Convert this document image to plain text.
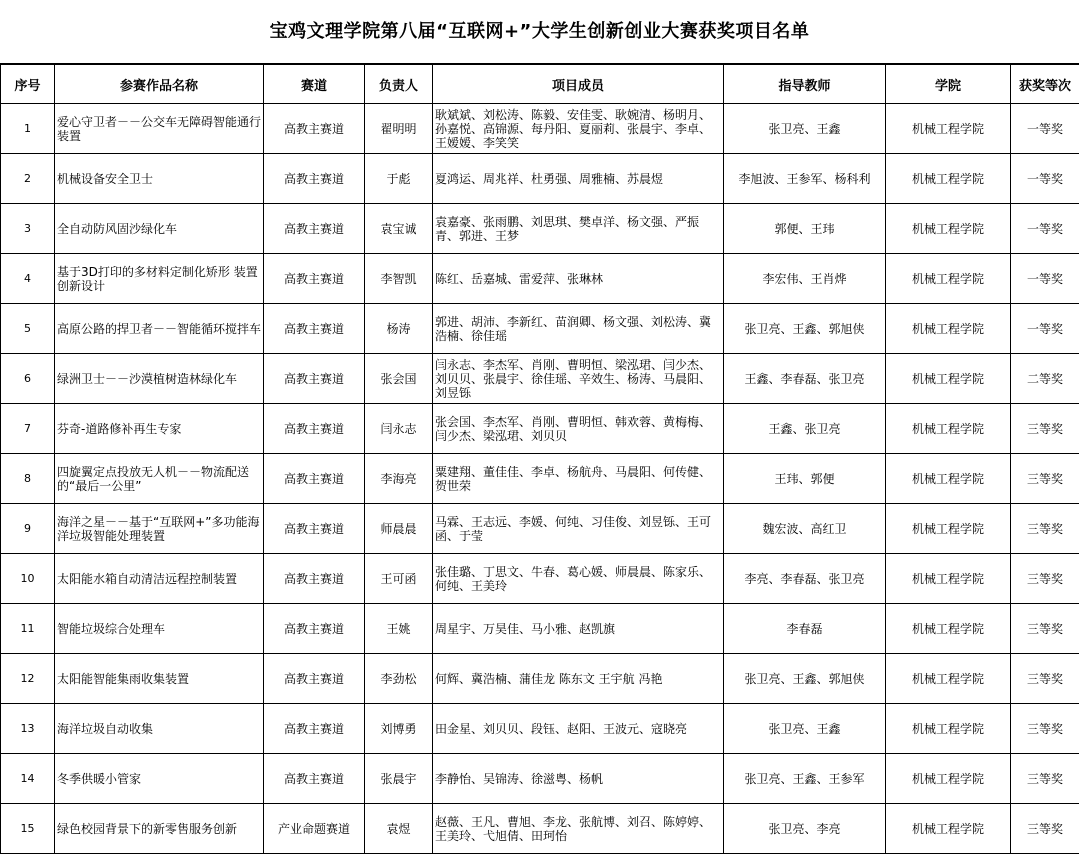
宝鸡文理学院第八届“互联网+”大学生创新创业大赛获奖项目名单
序号	参赛作品名称	赛道	负责人	项目成员	指导教师	学院	获奖等次
1	爱心守卫者－－公交车无障碍智能通行装置	高教主赛道	翟明明	耿斌斌、刘松涛、陈毅、安佳雯、耿婉清、杨明月、孙嘉悦、高锦源、每丹阳、夏丽莉、张晨宇、李卓、王嫒嫒、李笑笑	张卫亮、王鑫	机械工程学院	一等奖
2	机械设备安全卫士	高教主赛道	于彪	夏鸿运、周兆祥、杜勇强、周雅楠、苏晨煜	李旭波、王参军、杨科利	机械工程学院	一等奖
3	全自动防风固沙绿化车	高教主赛道	袁宝诚	袁嘉豪、张雨鹏、刘思琪、樊卓洋、杨文强、严振青、郭进、王梦	郭便、王玮	机械工程学院	一等奖
4	基于3D打印的多材料定制化矫形 装置创新设计	高教主赛道	李智凯	陈红、岳嘉城、雷爱萍、张琳林	李宏伟、王肖烨	机械工程学院	一等奖
5	高原公路的捍卫者－－智能循环搅拌车	高教主赛道	杨涛	郭进、胡沛、李新红、苗润卿、杨文强、刘松涛、冀浩楠、徐佳瑶	张卫亮、王鑫、郭旭侠	机械工程学院	一等奖
6	绿洲卫士－－沙漠植树造林绿化车	高教主赛道	张会国	闫永志、李杰军、肖刚、曹明恒、梁泓珺、闫少杰、刘贝贝、张晨宇、徐佳瑶、辛效生、杨涛、马晨阳、刘昱铄	王鑫、李春磊、张卫亮	机械工程学院	二等奖
7	芬奇-道路修补再生专家	高教主赛道	闫永志	张会国、李杰军、肖刚、曹明恒、韩欢蓉、黄梅梅、闫少杰、梁泓珺、刘贝贝	王鑫、张卫亮	机械工程学院	三等奖
8	四旋翼定点投放无人机－－物流配送的“最后一公里”	高教主赛道	李海亮	粟建翔、董佳佳、李卓、杨航舟、马晨阳、何传健、贺世荣	王玮、郭便	机械工程学院	三等奖
9	海洋之星－－基于“互联网+”多功能海洋垃圾智能处理装置	高教主赛道	师晨晨	马霖、王志远、李媛、何纯、习佳俊、刘昱铄、王可函、于莹	魏宏波、高红卫	机械工程学院	三等奖
10	太阳能水箱自动清洁远程控制装置	高教主赛道	王可函	张佳璐、丁思文、牛春、葛心媛、师晨晨、陈家乐、何纯、王美玲	李亮、李春磊、张卫亮	机械工程学院	三等奖
11	智能垃圾综合处理车	高教主赛道	王姚	周星宇、万昊佳、马小雅、赵凯旗	李春磊	机械工程学院	三等奖
12	太阳能智能集雨收集装置	高教主赛道	李劲松	何辉、冀浩楠、蒲佳龙 陈东文 王宇航 冯艳	张卫亮、王鑫、郭旭侠	机械工程学院	三等奖
13	海洋垃圾自动收集	高教主赛道	刘博勇	田金星、刘贝贝、段钰、赵阳、王波元、寇晓亮	张卫亮、王鑫	机械工程学院	三等奖
14	冬季供暖小管家	高教主赛道	张晨宇	李静怡、吴锦涛、徐滋粤、杨帆	张卫亮、王鑫、王参军	机械工程学院	三等奖
15	绿色校园背景下的新零售服务创新	产业命题赛道	袁煜	赵薇、王凡、曹旭、李龙、张航博、刘召、陈婷婷、王美玲、弋旭倩、田珂怡	张卫亮、李亮	机械工程学院	三等奖
